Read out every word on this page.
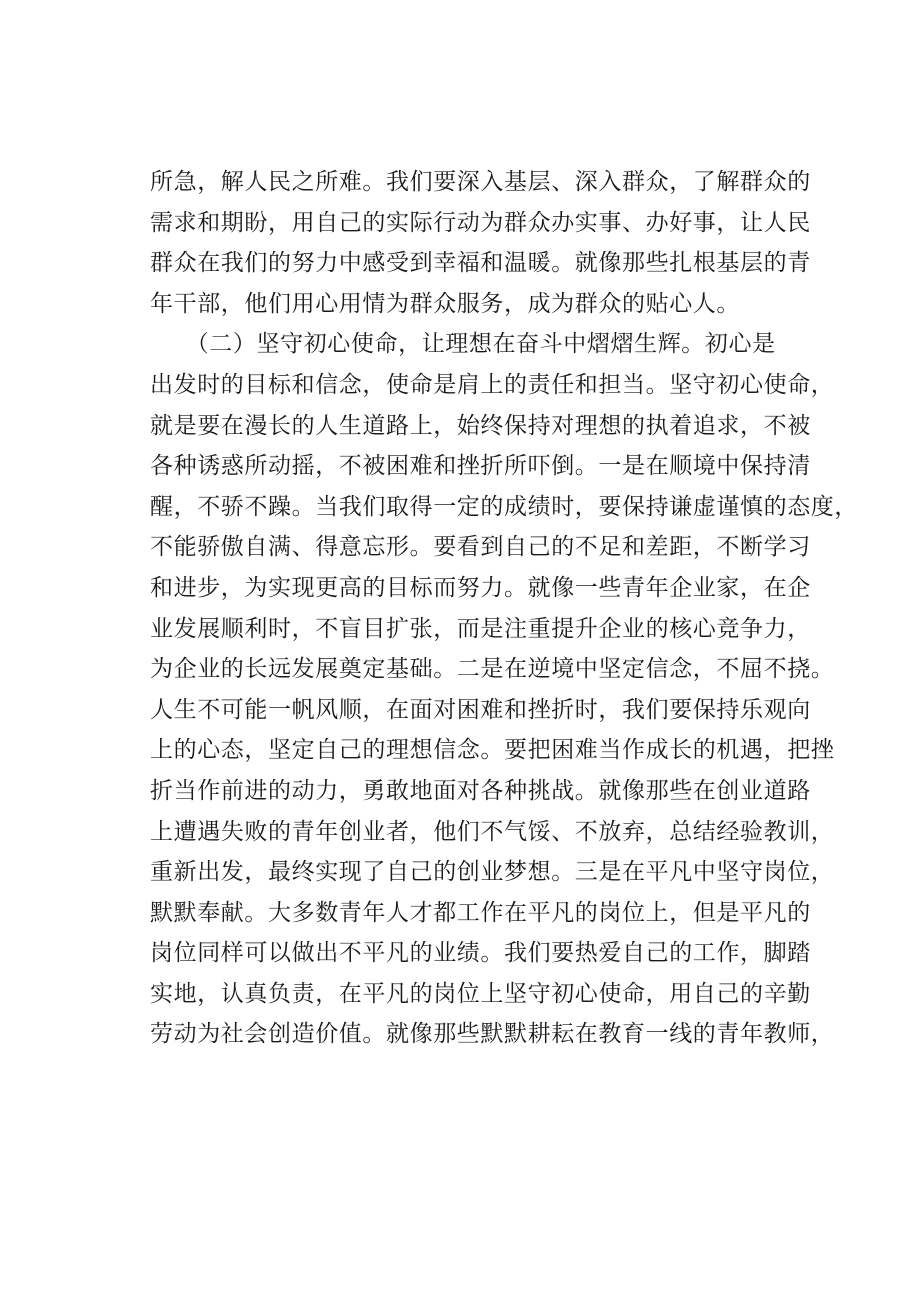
所急，解人民之所难。我们要深入基层、深入群众，了解群众的
需求和期盼，用自己的实际行动为群众办实事、办好事，让人民
群众在我们的努力中感受到幸福和温暖。就像那些扎根基层的青
年干部，他们用心用情为群众服务，成为群众的贴心人。
　　（二）坚守初心使命，让理想在奋斗中熠熠生辉。初心是
出发时的目标和信念，使命是肩上的责任和担当。坚守初心使命，
就是要在漫长的人生道路上，始终保持对理想的执着追求，不被
各种诱惑所动摇，不被困难和挫折所吓倒。一是在顺境中保持清
醒，不骄不躁。当我们取得一定的成绩时，要保持谦虚谨慎的态度，
不能骄傲自满、得意忘形。要看到自己的不足和差距，不断学习
和进步，为实现更高的目标而努力。就像一些青年企业家，在企
业发展顺利时，不盲目扩张，而是注重提升企业的核心竞争力，
为企业的长远发展奠定基础。二是在逆境中坚定信念，不屈不挠。
人生不可能一帆风顺，在面对困难和挫折时，我们要保持乐观向
上的心态，坚定自己的理想信念。要把困难当作成长的机遇，把挫
折当作前进的动力，勇敢地面对各种挑战。就像那些在创业道路
上遭遇失败的青年创业者，他们不气馁、不放弃，总结经验教训，
重新出发，最终实现了自己的创业梦想。三是在平凡中坚守岗位，
默默奉献。大多数青年人才都工作在平凡的岗位上，但是平凡的
岗位同样可以做出不平凡的业绩。我们要热爱自己的工作，脚踏
实地，认真负责，在平凡的岗位上坚守初心使命，用自己的辛勤
劳动为社会创造价值。就像那些默默耕耘在教育一线的青年教师，
